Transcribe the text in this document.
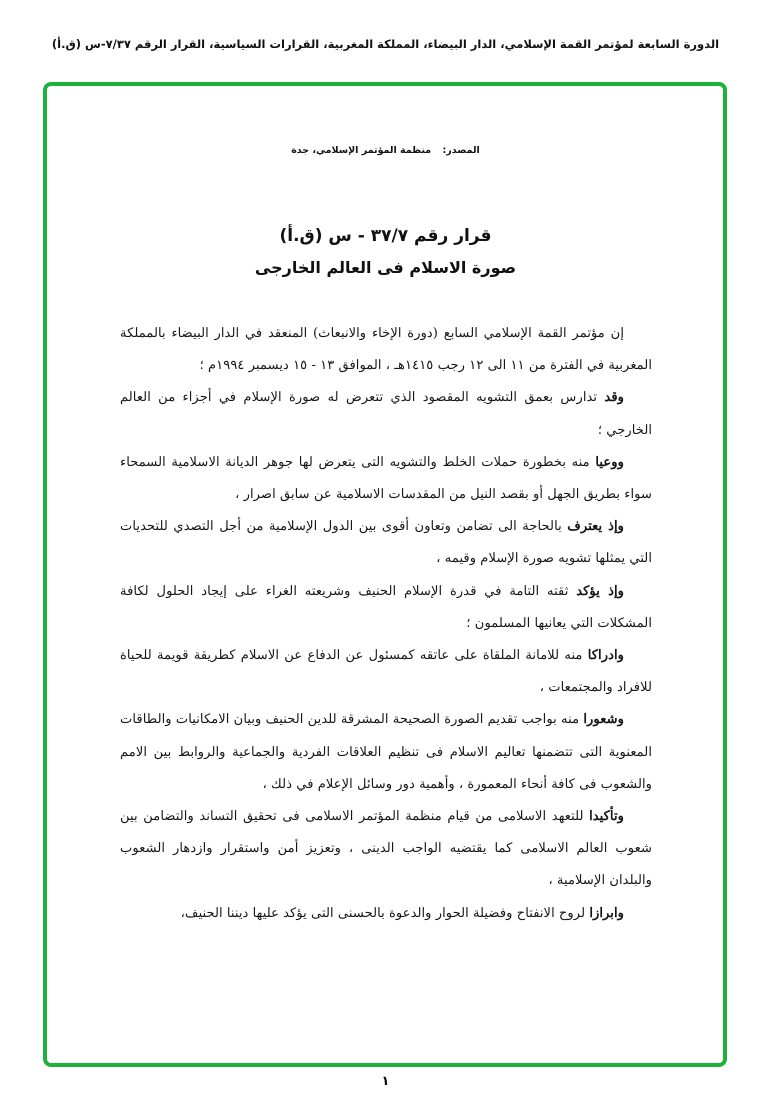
الدورة السابعة لمؤتمر القمة الإسلامي، الدار البيضاء، المملكة المغربية، القرارات السياسية، القرار الرقم ٧/٣٧-س (ق.أ)
المصدر: منظمة المؤتمر الإسلامي، جدة
قرار رقم ٣٧/٧ - س (ق.أ)
صورة الاسلام فى العالم الخارجى

إن مؤتمر القمة الإسلامي السابع (دورة الإخاء والانبعاث) المنعقد في الدار البيضاء بالمملكة المغربية في الفترة من ١١ الى ١٢ رجب ١٤١٥هـ ، الموافق ١٣ - ١٥ ديسمبر ١٩٩٤م ؛

وقد تدارس بعمق التشويه المقصود الذي تتعرض له صورة الإسلام في أجزاء من العالم الخارجي ؛

ووعيا منه بخطورة حملات الخلط والتشويه التى يتعرض لها جوهر الديانة الاسلامية السمحاء سواء بطريق الجهل أو بقصد النيل من المقدسات الاسلامية عن سابق اصرار ،

وإذ يعترف بالحاجة الى تضامن وتعاون أقوى بين الدول الإسلامية من أجل التصدي للتحديات التي يمثلها تشويه صورة الإسلام وقيمه ،

وإذ يؤكد ثقته التامة في قدرة الإسلام الحنيف وشريعته الغراء على إيجاد الحلول لكافة المشكلات التي يعانيها المسلمون ؛

وادراكا منه للامانة الملقاة على عاتقه كمسئول عن الدفاع عن الاسلام كطريقة قويمة للحياة للافراد والمجتمعات ،

وشعورا منه بواجب تقديم الصورة الصحيحة المشرقة للدين الحنيف وبيان الامكانيات والطاقات المعنوية التى تتضمنها تعاليم الاسلام فى تنظيم العلاقات الفردية والجماعية والروابط بين الامم والشعوب فى كافة أنحاء المعمورة ، وأهمية دور وسائل الإعلام في ذلك ،

وتأكيدا للتعهد الاسلامى من قيام منظمة المؤتمر الاسلامى فى تحقيق التساند والتضامن بين شعوب العالم الاسلامى كما يقتضيه الواجب الدينى ، وتعزيز أمن واستقرار وازدهار الشعوب والبلدان الإسلامية ،

وابرازا لروح الانفتاح وفضيلة الحوار والدعوة بالحسنى التى يؤكد عليها ديننا الحنيف،

١
